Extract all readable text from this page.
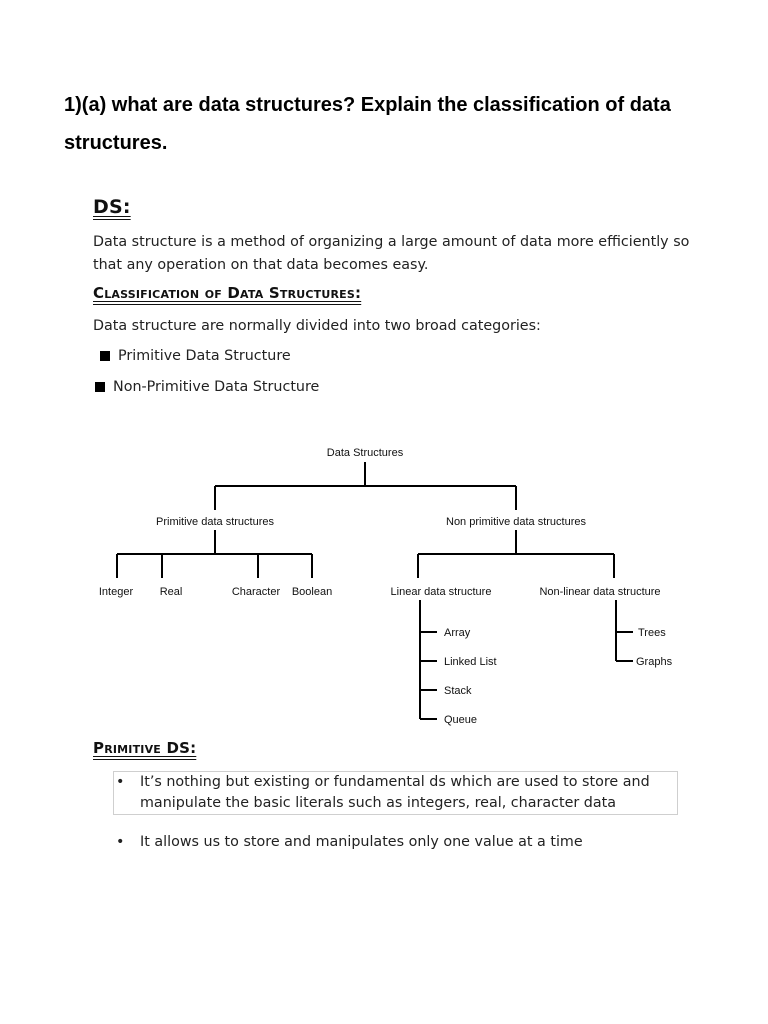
1)(a) what are data structures? Explain the classification of data structures.
DS:

Data structure is a method of organizing a large amount of data more efficiently so that any operation on that data becomes easy.

Classification of Data Structures:

Data structure are normally divided into two broad categories:

Primitive Data Structure
Non-Primitive Data Structure
Data Structures
Primitive data structures	Non primitive data structures
Integer Real	Character Boolean	Linear data structure	Non-linear data structure
Array
Linked List
Stack
Queue
Trees
Graphs
Primitive DS:
•	It’s nothing but existing or fundamental ds which are used to store and manipulate the basic literals such as integers, real, character data
•	It allows us to store and manipulates only one value at a time
